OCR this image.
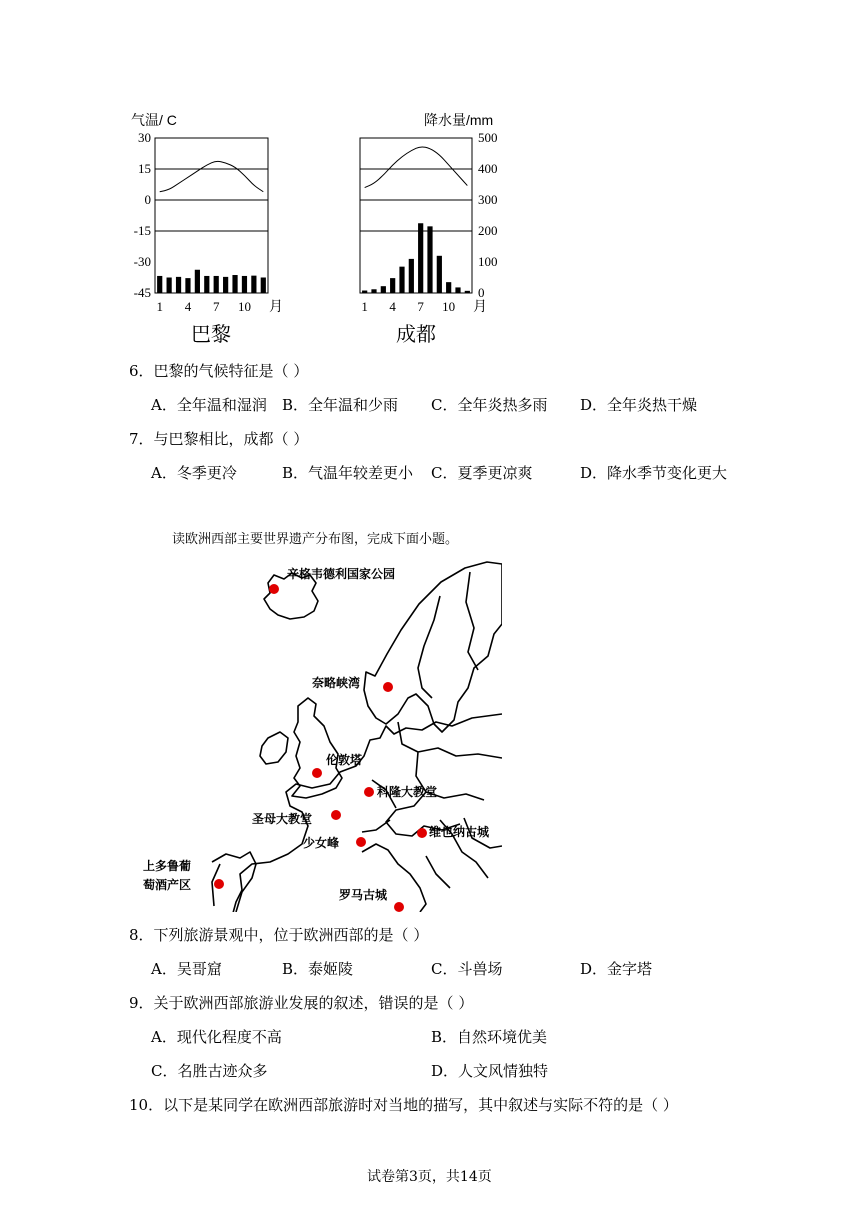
气温/ C	降水量/mm
30
15
0
-15
-30
-45
500
400
300
200
100
0
1 4 7 10 月	1 4 7 10 月
巴黎	成都
6．巴黎的气候特征是（ ）
A．全年温和湿润 B．全年温和少雨 C．全年炎热多雨 D．全年炎热干燥
7．与巴黎相比，成都（ ）
A．冬季更冷	B．气温年较差更小 C．夏季更凉爽	D．降水季节变化更大
读欧洲西部主要世界遗产分布图，完成下面小题。
辛格韦德利国家公园
奈略峡湾
伦敦塔
科隆大教堂
圣母大教堂
维也纳古城
少女峰
上多鲁葡
萄酒产区
罗马古城
8．下列旅游景观中，位于欧洲西部的是（ ）
A．吴哥窟	B．泰姬陵	C．斗兽场	D．金字塔
9．关于欧洲西部旅游业发展的叙述，错误的是（ ）
A．现代化程度不高	B．自然环境优美
C．名胜古迹众多	D．人文风情独特
10．以下是某同学在欧洲西部旅游时对当地的描写，其中叙述与实际不符的是（ ）
试卷第3页，共14页
